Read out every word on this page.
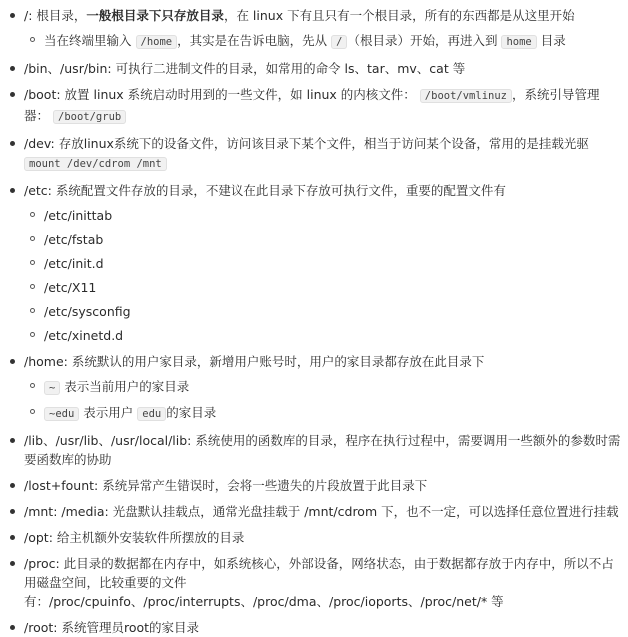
/: 根目录，一般根目录下只存放目录，在 linux 下有且只有一个根目录，所有的东西都是从这里开始
当在终端里输入 /home ，其实是在告诉电脑，先从 / （根目录）开始，再进入到 home 目录
/bin、/usr/bin: 可执行二进制文件的目录，如常用的命令 ls、tar、mv、cat 等
/boot: 放置 linux 系统启动时用到的一些文件，如 linux 的内核文件： /boot/vmlinuz ，系统引导管理器： /boot/grub
/dev: 存放linux系统下的设备文件，访问该目录下某个文件，相当于访问某个设备，常用的是挂载光驱 mount /dev/cdrom /mnt
/etc: 系统配置文件存放的目录，不建议在此目录下存放可执行文件，重要的配置文件有
/etc/inittab
/etc/fstab
/etc/init.d
/etc/X11
/etc/sysconfig
/etc/xinetd.d
/home: 系统默认的用户家目录，新增用户账号时，用户的家目录都存放在此目录下
~ 表示当前用户的家目录
~edu 表示用户 edu 的家目录
/lib、/usr/lib、/usr/local/lib: 系统使用的函数库的目录，程序在执行过程中，需要调用一些额外的参数时需要函数库的协助
/lost+fount: 系统异常产生错误时，会将一些遗失的片段放置于此目录下
/mnt: /media: 光盘默认挂载点，通常光盘挂载于 /mnt/cdrom 下，也不一定，可以选择任意位置进行挂载
/opt: 给主机额外安装软件所摆放的目录
/proc: 此目录的数据都在内存中，如系统核心，外部设备，网络状态，由于数据都存放于内存中，所以不占用磁盘空间，比较重要的文件
有：/proc/cpuinfo、/proc/interrupts、/proc/dma、/proc/ioports、/proc/net/* 等
/root: 系统管理员root的家目录
